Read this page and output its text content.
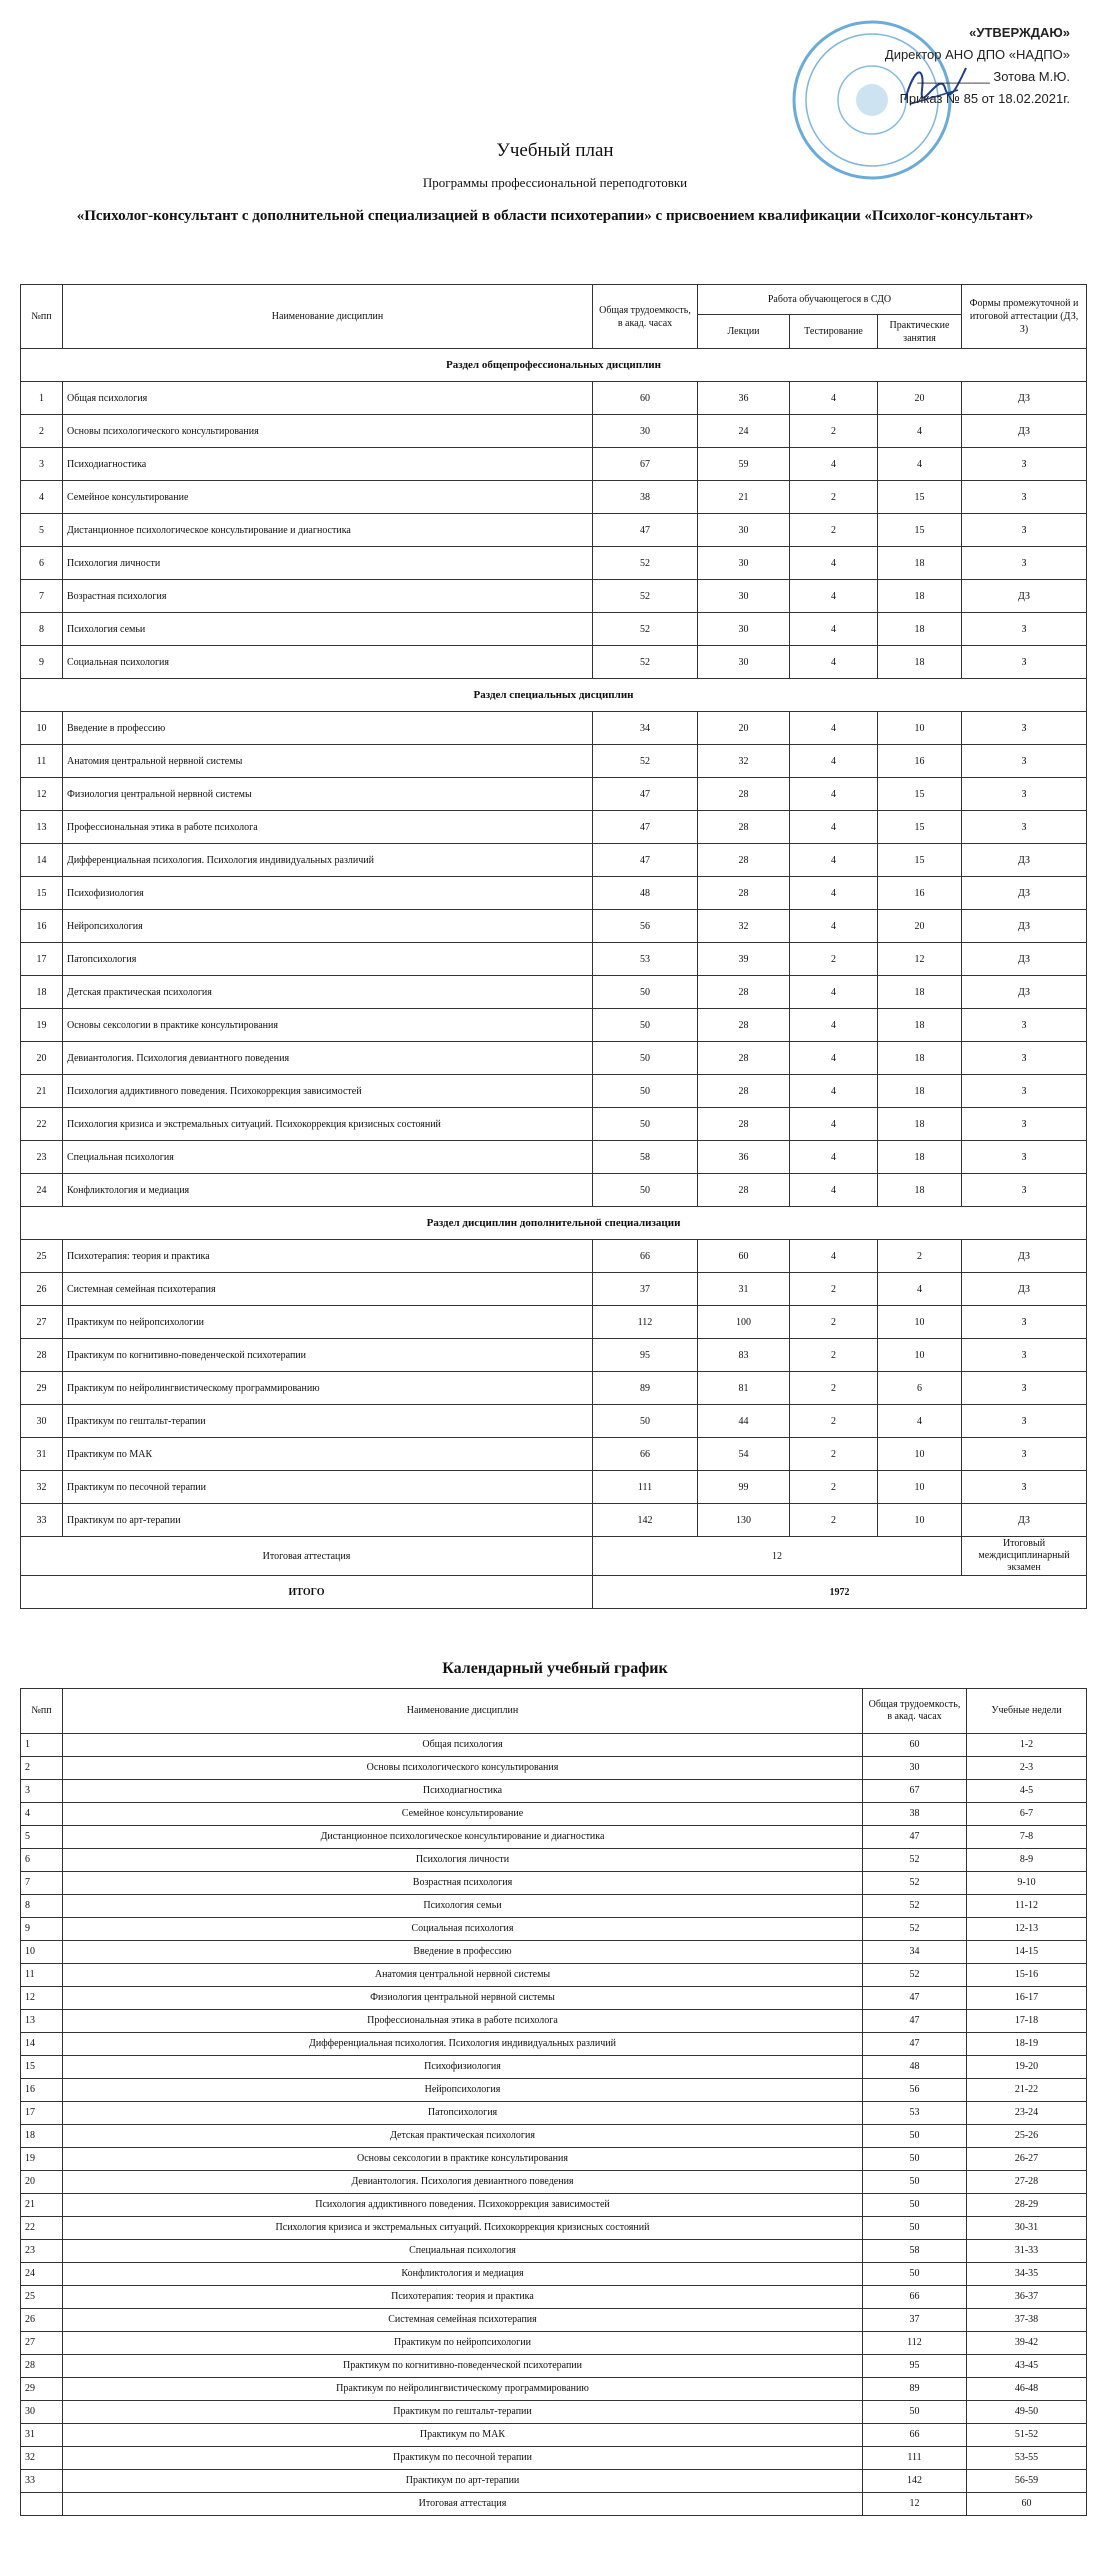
«УТВЕРЖДАЮ»
Директор АНО ДПО «НАДПО»
__________ Зотова М.Ю.
Приказ № 85 от 18.02.2021г.
Учебный план
Программы профессиональной переподготовки
«Психолог-консультант с дополнительной специализацией в области психотерапии» с присвоением квалификации «Психолог-консультант»
№пп	Наименование дисциплин	Общая трудоемкость, в акад. часах	Работа обучающегося в СДО			Формы промежуточной и итоговой аттестации (ДЗ, З)
			Лекции	Тестирование	Практические занятия	
Раздел общепрофессиональных дисциплин						
1	Общая психология	60	36	4	20	ДЗ
2	Основы психологического консультирования	30	24	2	4	ДЗ
3	Психодиагностика	67	59	4	4	З
4	Семейное консультирование	38	21	2	15	З
5	Дистанционное психологическое консультирование и диагностика	47	30	2	15	З
6	Психология личности	52	30	4	18	З
7	Возрастная психология	52	30	4	18	ДЗ
8	Психология семьи	52	30	4	18	З
9	Социальная психология	52	30	4	18	З
Раздел специальных дисциплин						
10	Введение в профессию	34	20	4	10	З
11	Анатомия центральной нервной системы	52	32	4	16	З
12	Физиология центральной нервной системы	47	28	4	15	З
13	Профессиональная этика в работе психолога	47	28	4	15	З
14	Дифференциальная психология. Психология индивидуальных различий	47	28	4	15	ДЗ
15	Психофизиология	48	28	4	16	ДЗ
16	Нейропсихология	56	32	4	20	ДЗ
17	Патопсихология	53	39	2	12	ДЗ
18	Детская практическая психология	50	28	4	18	ДЗ
19	Основы сексологии в практике консультирования	50	28	4	18	З
20	Девиантология. Психология девиантного поведения	50	28	4	18	З
21	Психология аддиктивного поведения. Психокоррекция зависимостей	50	28	4	18	З
22	Психология кризиса и экстремальных ситуаций. Психокоррекция кризисных состояний	50	28	4	18	З
23	Специальная психология	58	36	4	18	З
24	Конфликтология и медиация	50	28	4	18	З
Раздел дисциплин дополнительной специализации						
25	Психотерапия: теория и практика	66	60	4	2	ДЗ
26	Системная семейная психотерапия	37	31	2	4	ДЗ
27	Практикум по нейропсихологии	112	100	2	10	З
28	Практикум по когнитивно-поведенческой психотерапии	95	83	2	10	З
29	Практикум по нейролингвистическому программированию	89	81	2	6	З
30	Практикум по гештальт-терапии	50	44	2	4	З
31	Практикум по МАК	66	54	2	10	З
32	Практикум по песочной терапии	111	99	2	10	З
33	Практикум по арт-терапии	142	130	2	10	ДЗ
Итоговая аттестация		12				Итоговый междисциплинарный экзамен
ИТОГО		1972				
Календарный учебный график
№пп	Наименование дисциплин	Общая трудоемкость, в акад. часах	Учебные недели
1	Общая психология	60	1-2
2	Основы психологического консультирования	30	2-3
3	Психодиагностика	67	4-5
4	Семейное консультирование	38	6-7
5	Дистанционное психологическое консультирование и диагностика	47	7-8
6	Психология личности	52	8-9
7	Возрастная психология	52	9-10
8	Психология семьи	52	11-12
9	Социальная психология	52	12-13
10	Введение в профессию	34	14-15
11	Анатомия центральной нервной системы	52	15-16
12	Физиология центральной нервной системы	47	16-17
13	Профессиональная этика в работе психолога	47	17-18
14	Дифференциальная психология. Психология индивидуальных различий	47	18-19
15	Психофизиология	48	19-20
16	Нейропсихология	56	21-22
17	Патопсихология	53	23-24
18	Детская практическая психология	50	25-26
19	Основы сексологии в практике консультирования	50	26-27
20	Девиантология. Психология девиантного поведения	50	27-28
21	Психология аддиктивного поведения. Психокоррекция зависимостей	50	28-29
22	Психология кризиса и экстремальных ситуаций. Психокоррекция кризисных состояний	50	30-31
23	Специальная психология	58	31-33
24	Конфликтология и медиация	50	34-35
25	Психотерапия: теория и практика	66	36-37
26	Системная семейная психотерапия	37	37-38
27	Практикум по нейропсихологии	112	39-42
28	Практикум по когнитивно-поведенческой психотерапии	95	43-45
29	Практикум по нейролингвистическому программированию	89	46-48
30	Практикум по гештальт-терапии	50	49-50
31	Практикум по МАК	66	51-52
32	Практикум по песочной терапии	111	53-55
33	Практикум по арт-терапии	142	56-59
	Итоговая аттестация	12	60
